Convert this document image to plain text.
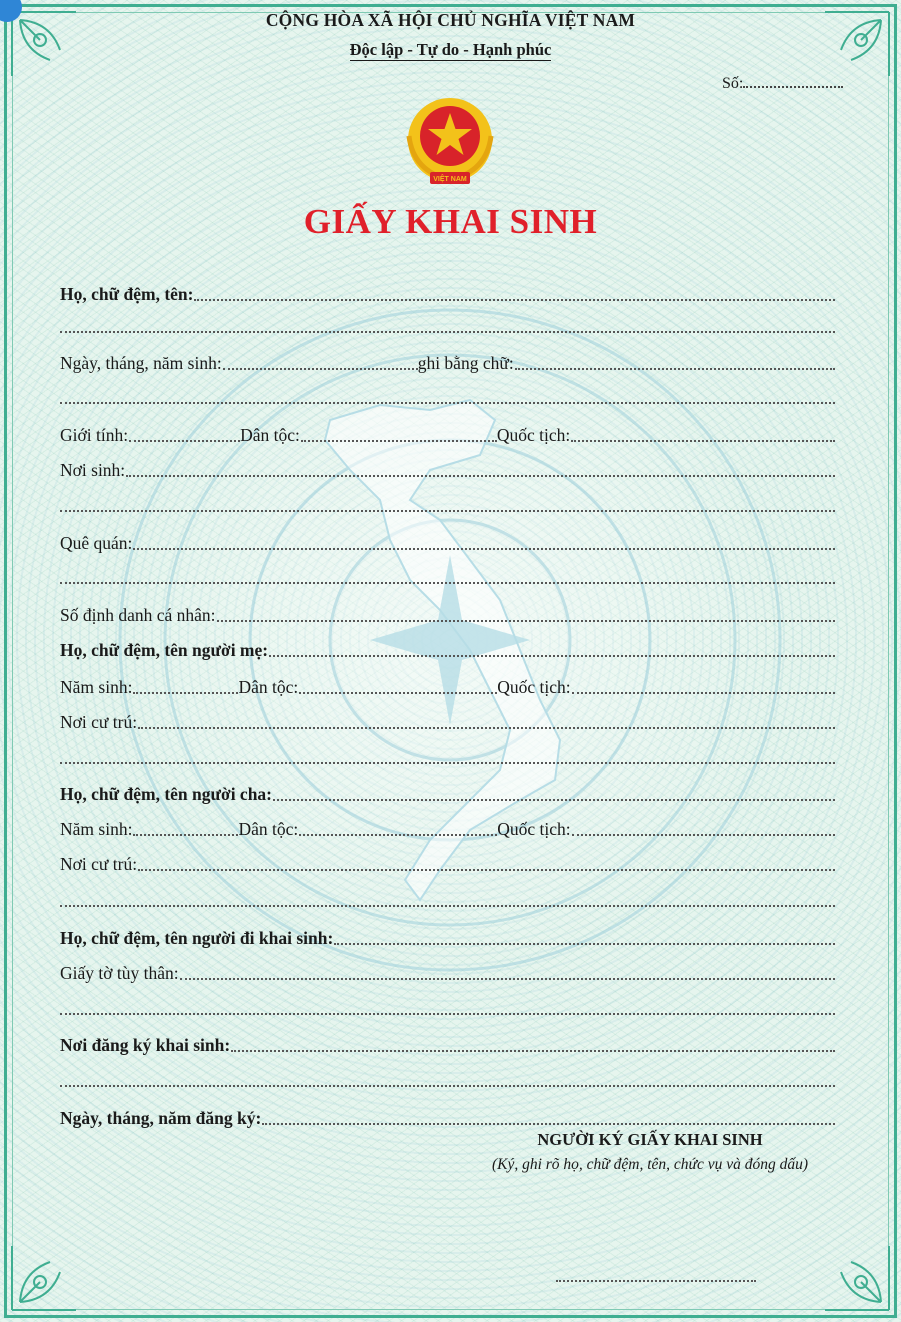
CỘNG HÒA XÃ HỘI CHỦ NGHĨA VIỆT NAM
Độc lập - Tự do - Hạnh phúc
Số:
VIỆT NAM
GIẤY KHAI SINH
Họ, chữ đệm, tên:
Ngày, tháng, năm sinh:	ghi bằng chữ:
Giới tính:	Dân tộc:	Quốc tịch:
Nơi sinh:
Quê quán:
Số định danh cá nhân:
Họ, chữ đệm, tên người mẹ:
Năm sinh:	Dân tộc:	Quốc tịch:
Nơi cư trú:
Họ, chữ đệm, tên người cha:
Năm sinh:	Dân tộc:	Quốc tịch:
Nơi cư trú:
Họ, chữ đệm, tên người đi khai sinh:
Giấy tờ tùy thân:
Nơi đăng ký khai sinh:
Ngày, tháng, năm đăng ký:
NGƯỜI KÝ GIẤY KHAI SINH
(Ký, ghi rõ họ, chữ đệm, tên, chức vụ và đóng dấu)
